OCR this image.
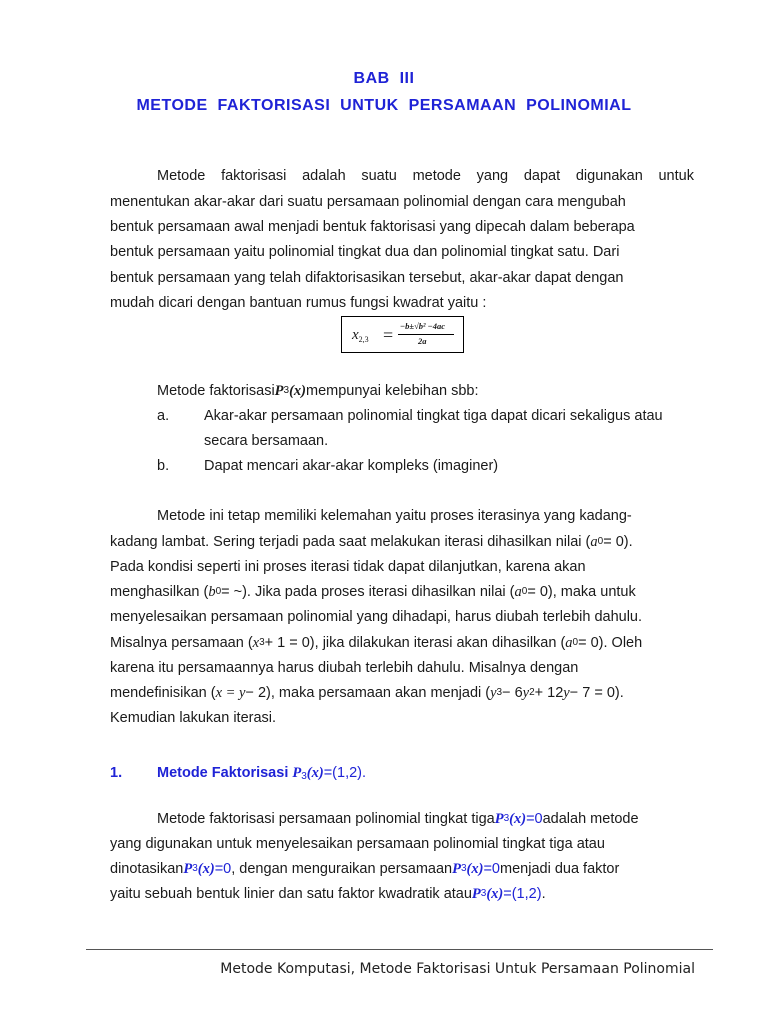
BAB  III
METODE  FAKTORISASI  UNTUK  PERSAMAAN  POLINOMIAL
Metode faktorisasi adalah suatu metode yang dapat digunakan untuk
menentukan akar-akar dari suatu persamaan polinomial dengan cara mengubah
bentuk persamaan awal menjadi bentuk faktorisasi yang dipecah dalam beberapa
bentuk persamaan yaitu polinomial tingkat dua dan polinomial tingkat satu. Dari
bentuk persamaan yang telah difaktorisasikan tersebut, akar-akar dapat dengan
mudah dicari dengan bantuan rumus fungsi kwadrat yaitu :
$x_{2,3} = -b\pm√b^2 -4ac$
2a
Metode faktorisasi P 3 (x) mempunyai kelebihan sbb:
a. Akar-akar persamaan polinomial tingkat tiga dapat dicari sekaligus atau
secara bersamaan.
b. Dapat mencari akar-akar kompleks (imaginer)
Metode ini tetap memiliki kelemahan yaitu proses iterasinya yang kadang-
kadang lambat. Sering terjadi pada saat melakukan iterasi dihasilkan nilai ( a 0 = 0).
Pada kondisi seperti ini proses iterasi tidak dapat dilanjutkan, karena akan
menghasilkan ( b 0 = ~). Jika pada proses iterasi dihasilkan nilai ( a 0 = 0), maka untuk
menyelesaikan persamaan polinomial yang dihadapi, harus diubah terlebih dahulu.
Misalnya persamaan ( x 3 + 1 = 0), jika dilakukan iterasi akan dihasilkan ( a 0 = 0). Oleh
karena itu persamaannya harus diubah terlebih dahulu. Misalnya dengan
mendefinisikan ( x = y − 2), maka persamaan akan menjadi ( y 3 − 6 y 2 + 12 y − 7 = 0).
Kemudian lakukan iterasi.
1. Metode Faktorisasi $P_3(x)=(1,2)$.
Metode faktorisasi persamaan polinomial tingkat tiga P 3 (x) =0 adalah metode
yang digunakan untuk menyelesaikan persamaan polinomial tingkat tiga atau
dinotasikan P 3 (x) =0 , dengan menguraikan persamaan P 3 (x) =0 menjadi dua faktor
yaitu sebuah bentuk linier dan satu faktor kwadratik atau P 3 (x) =(1,2) .
Metode Komputasi, Metode Faktorisasi Untuk Persamaan Polinomial
